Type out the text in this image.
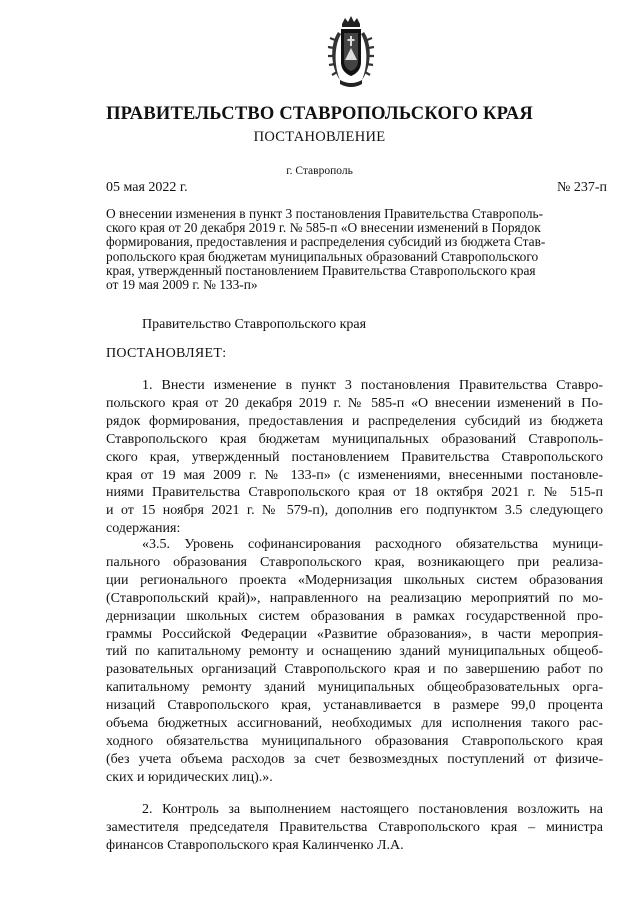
ПРАВИТЕЛЬСТВО СТАВРОПОЛЬСКОГО КРАЯ
ПОСТАНОВЛЕНИЕ
г. Ставрополь
05 мая 2022 г.	№ 237-п
О внесении изменения в пункт 3 постановления Правительства Ставрополь-
ского края от 20 декабря 2019 г. № 585-п «О внесении изменений в Порядок
формирования, предоставления и распределения субсидий из бюджета Став-
ропольского края бюджетам муниципальных образований Ставропольского
края, утвержденный постановлением Правительства Ставропольского края
от 19 мая 2009 г. № 133-п»
Правительство Ставропольского края
ПОСТАНОВЛЯЕТ:
1. Внести изменение в пункт 3 постановления Правительства Ставро-
польского края от 20 декабря 2019 г. № 585-п «О внесении изменений в По-
рядок формирования, предоставления и распределения субсидий из бюджета
Ставропольского края бюджетам муниципальных образований Ставрополь-
ского края, утвержденный постановлением Правительства Ставропольского
края от 19 мая 2009 г. № 133-п» (с изменениями, внесенными постановле-
ниями Правительства Ставропольского края от 18 октября 2021 г. № 515-п
и от 15 ноября 2021 г. № 579-п), дополнив его подпунктом 3.5 следующего
содержания:
«3.5. Уровень софинансирования расходного обязательства муници-
пального образования Ставропольского края, возникающего при реализа-
ции регионального проекта «Модернизация школьных систем образования
(Ставропольский край)», направленного на реализацию мероприятий по мо-
дернизации школьных систем образования в рамках государственной про-
граммы Российской Федерации «Развитие образования», в части мероприя-
тий по капитальному ремонту и оснащению зданий муниципальных общеоб-
разовательных организаций Ставропольского края и по завершению работ по
капитальному ремонту зданий муниципальных общеобразовательных орга-
низаций Ставропольского края, устанавливается в размере 99,0 процента
объема бюджетных ассигнований, необходимых для исполнения такого рас-
ходного обязательства муниципального образования Ставропольского края
(без учета объема расходов за счет безвозмездных поступлений от физиче-
ских и юридических лиц).».
2. Контроль за выполнением настоящего постановления возложить на
заместителя председателя Правительства Ставропольского края – министра
финансов Ставропольского края Калинченко Л.А.
